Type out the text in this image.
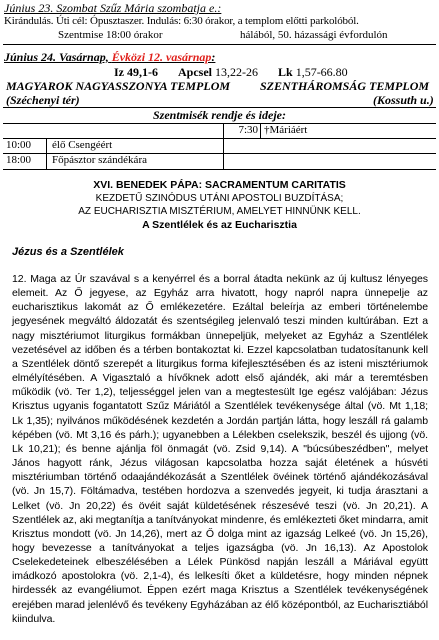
Június 23. Szombat Szűz Mária szombatja e.:
Kirándulás. Úti cél: Ópusztaszer. Indulás: 6:30 órakor, a templom előtti parkolóból.
Szentmise 18:00 órakor	hálából, 50. házassági évfordulón
Június 24. Vasárnap, Évközi 12. vasárnap:
Iz 49,1-6 Apcsel 13,22-26 Lk 1,57-66.80
MAGYAROK NAGYASSZONYA TEMPLOM SZENTHÁROMSÁG TEMPLOM
(Széchenyi tér)	(Kossuth u.)
Szentmisék rendje és ideje:
7:30 †Máriáért
10:00 élő Csengéért
18:00 Főpásztor szándékára
XVI. BENEDEK PÁPA: SACRAMENTUM CARITATIS
KEZDETŰ SZINÓDUS UTÁNI APOSTOLI BUZDÍTÁSA;
AZ EUCHARISZTIA MISZTÉRIUM, AMELYET HINNÜNK KELL.
A Szentlélek és az Eucharisztia
Jézus és a Szentlélek

12. Maga az Úr szavával s a kenyérrel és a borral átadta nekünk az új kultusz lényeges elemeit. Az Ő jegyese, az Egyház arra hivatott, hogy napról napra ünnepelje az eucharisztikus lakomát az Ő emlékezetére. Ezáltal beleírja az emberi történelembe jegyesének megváltó áldozatát és szentségileg jelenvaló teszi minden kultúrában. Ezt a nagy misztériumot liturgikus formákban ünnepeljük, melyeket az Egyház a Szentlélek vezetésével az időben és a térben bontakoztat ki. Ezzel kapcsolatban tudatosítanunk kell a Szentlélek döntő szerepét a liturgikus forma kifejlesztésében és az isteni misztériumok elmélyítésében. A Vigasztaló a hívőknek adott első ajándék, aki már a teremtésben működik (vö. Ter 1,2), teljességgel jelen van a megtestesült Ige egész valójában: Jézus Krisztus ugyanis fogantatott Szűz Máriától a Szentlélek tevékenysége által (vö. Mt 1,18; Lk 1,35); nyilvános működésének kezdetén a Jordán partján látta, hogy leszáll rá galamb képében (vö. Mt 3,16 és párh.); ugyanebben a Lélekben cselekszik, beszél és ujjong (vö. Lk 10,21); és benne ajánlja föl önmagát (vö. Zsid 9,14). A "búcsúbeszédben", melyet János hagyott ránk, Jézus világosan kapcsolatba hozza saját életének a húsvéti misztériumban történő odaajándékozását a Szentlélek övéinek történő ajándékozásával (vö. Jn 15,7). Föltámadva, testében hordozva a szenvedés jegyeit, ki tudja árasztani a Lelket (vö. Jn 20,22) és övéit saját küldetésének részesévé teszi (vö. Jn 20,21). A Szentlélek az, aki megtanítja a tanítványokat mindenre, és emlékezteti őket mindarra, amit Krisztus mondott (vö. Jn 14,26), mert az Ő dolga mint az igazság Lelkeé (vö. Jn 15,26), hogy bevezesse a tanítványokat a teljes igazságba (vö. Jn 16,13). Az Apostolok Cselekedeteinek elbeszélésében a Lélek Pünkösd napján leszáll a Máriával együtt imádkozó apostolokra (vö. 2,1-4), és lelkesíti őket a küldetésre, hogy minden népnek hirdessék az evangéliumot. Éppen ezért maga Krisztus a Szentlélek tevékenységének erejében marad jelenlévő és tevékeny Egyházában az élő középontból, az Eucharisztiából kiindulva.
